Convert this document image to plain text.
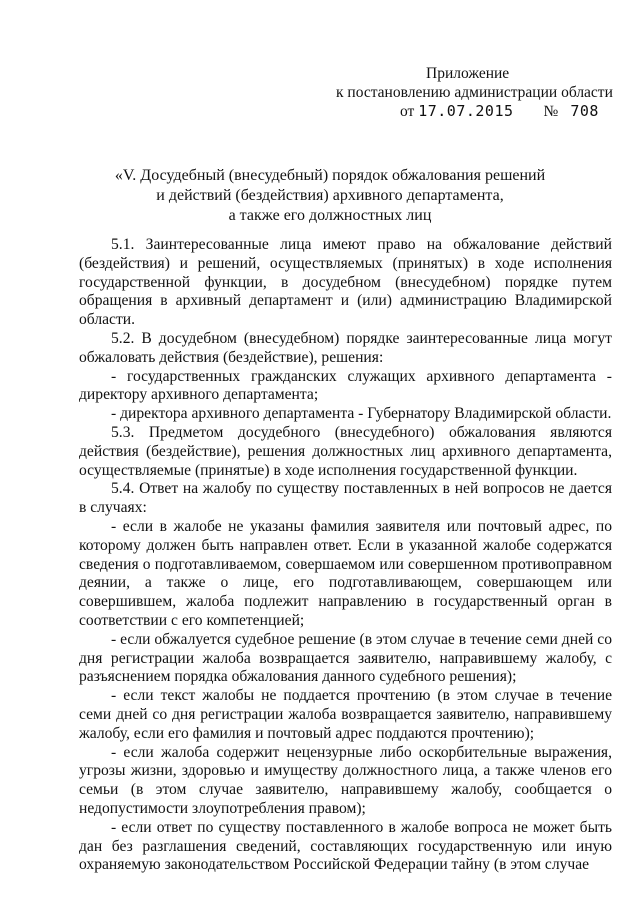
Приложение
к постановлению администрации области
от 17.07.2015 № 708
«V. Досудебный (внесудебный) порядок обжалования решений
и действий (бездействия) архивного департамента,
а также его должностных лиц

5.1. Заинтересованные лица имеют право на обжалование действий (бездействия) и решений, осуществляемых (принятых) в ходе исполнения государственной функции, в досудебном (внесудебном) порядке путем обращения в архивный департамент и (или) администрацию Владимирской области.

5.2. В досудебном (внесудебном) порядке заинтересованные лица могут обжаловать действия (бездействие), решения:

- государственных гражданских служащих архивного департамента - директору архивного департамента;

- директора архивного департамента - Губернатору Владимирской области.

5.3. Предметом досудебного (внесудебного) обжалования являются действия (бездействие), решения должностных лиц архивного департамента, осуществляемые (принятые) в ходе исполнения государственной функции.

5.4. Ответ на жалобу по существу поставленных в ней вопросов не дается в случаях:

- если в жалобе не указаны фамилия заявителя или почтовый адрес, по которому должен быть направлен ответ. Если в указанной жалобе содержатся сведения о подготавливаемом, совершаемом или совершенном противоправном деянии, а также о лице, его подготавливающем, совершающем или совершившем, жалоба подлежит направлению в государственный орган в соответствии с его компетенцией;

- если обжалуется судебное решение (в этом случае в течение семи дней со дня регистрации жалоба возвращается заявителю, направившему жалобу, с разъяснением порядка обжалования данного судебного решения);

- если текст жалобы не поддается прочтению (в этом случае в течение семи дней со дня регистрации жалоба возвращается заявителю, направившему жалобу, если его фамилия и почтовый адрес поддаются прочтению);

- если жалоба содержит нецензурные либо оскорбительные выражения, угрозы жизни, здоровью и имуществу должностного лица, а также членов его семьи (в этом случае заявителю, направившему жалобу, сообщается о недопустимости злоупотребления правом);

- если ответ по существу поставленного в жалобе вопроса не может быть дан без разглашения сведений, составляющих государственную или иную охраняемую законодательством Российской Федерации тайну (в этом случае
